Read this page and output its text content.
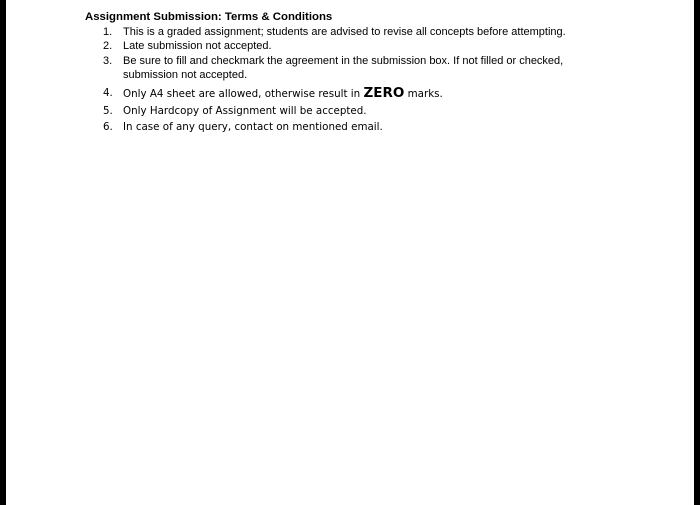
Assignment Submission: Terms & Conditions
1. This is a graded assignment; students are advised to revise all concepts before attempting.
2. Late submission not accepted.
3. Be sure to fill and checkmark the agreement in the submission box. If not filled or checked,
submission not accepted.
4. Only A4 sheet are allowed, otherwise result in ZERO marks.
5. Only Hardcopy of Assignment will be accepted.
6. In case of any query, contact on mentioned email.
